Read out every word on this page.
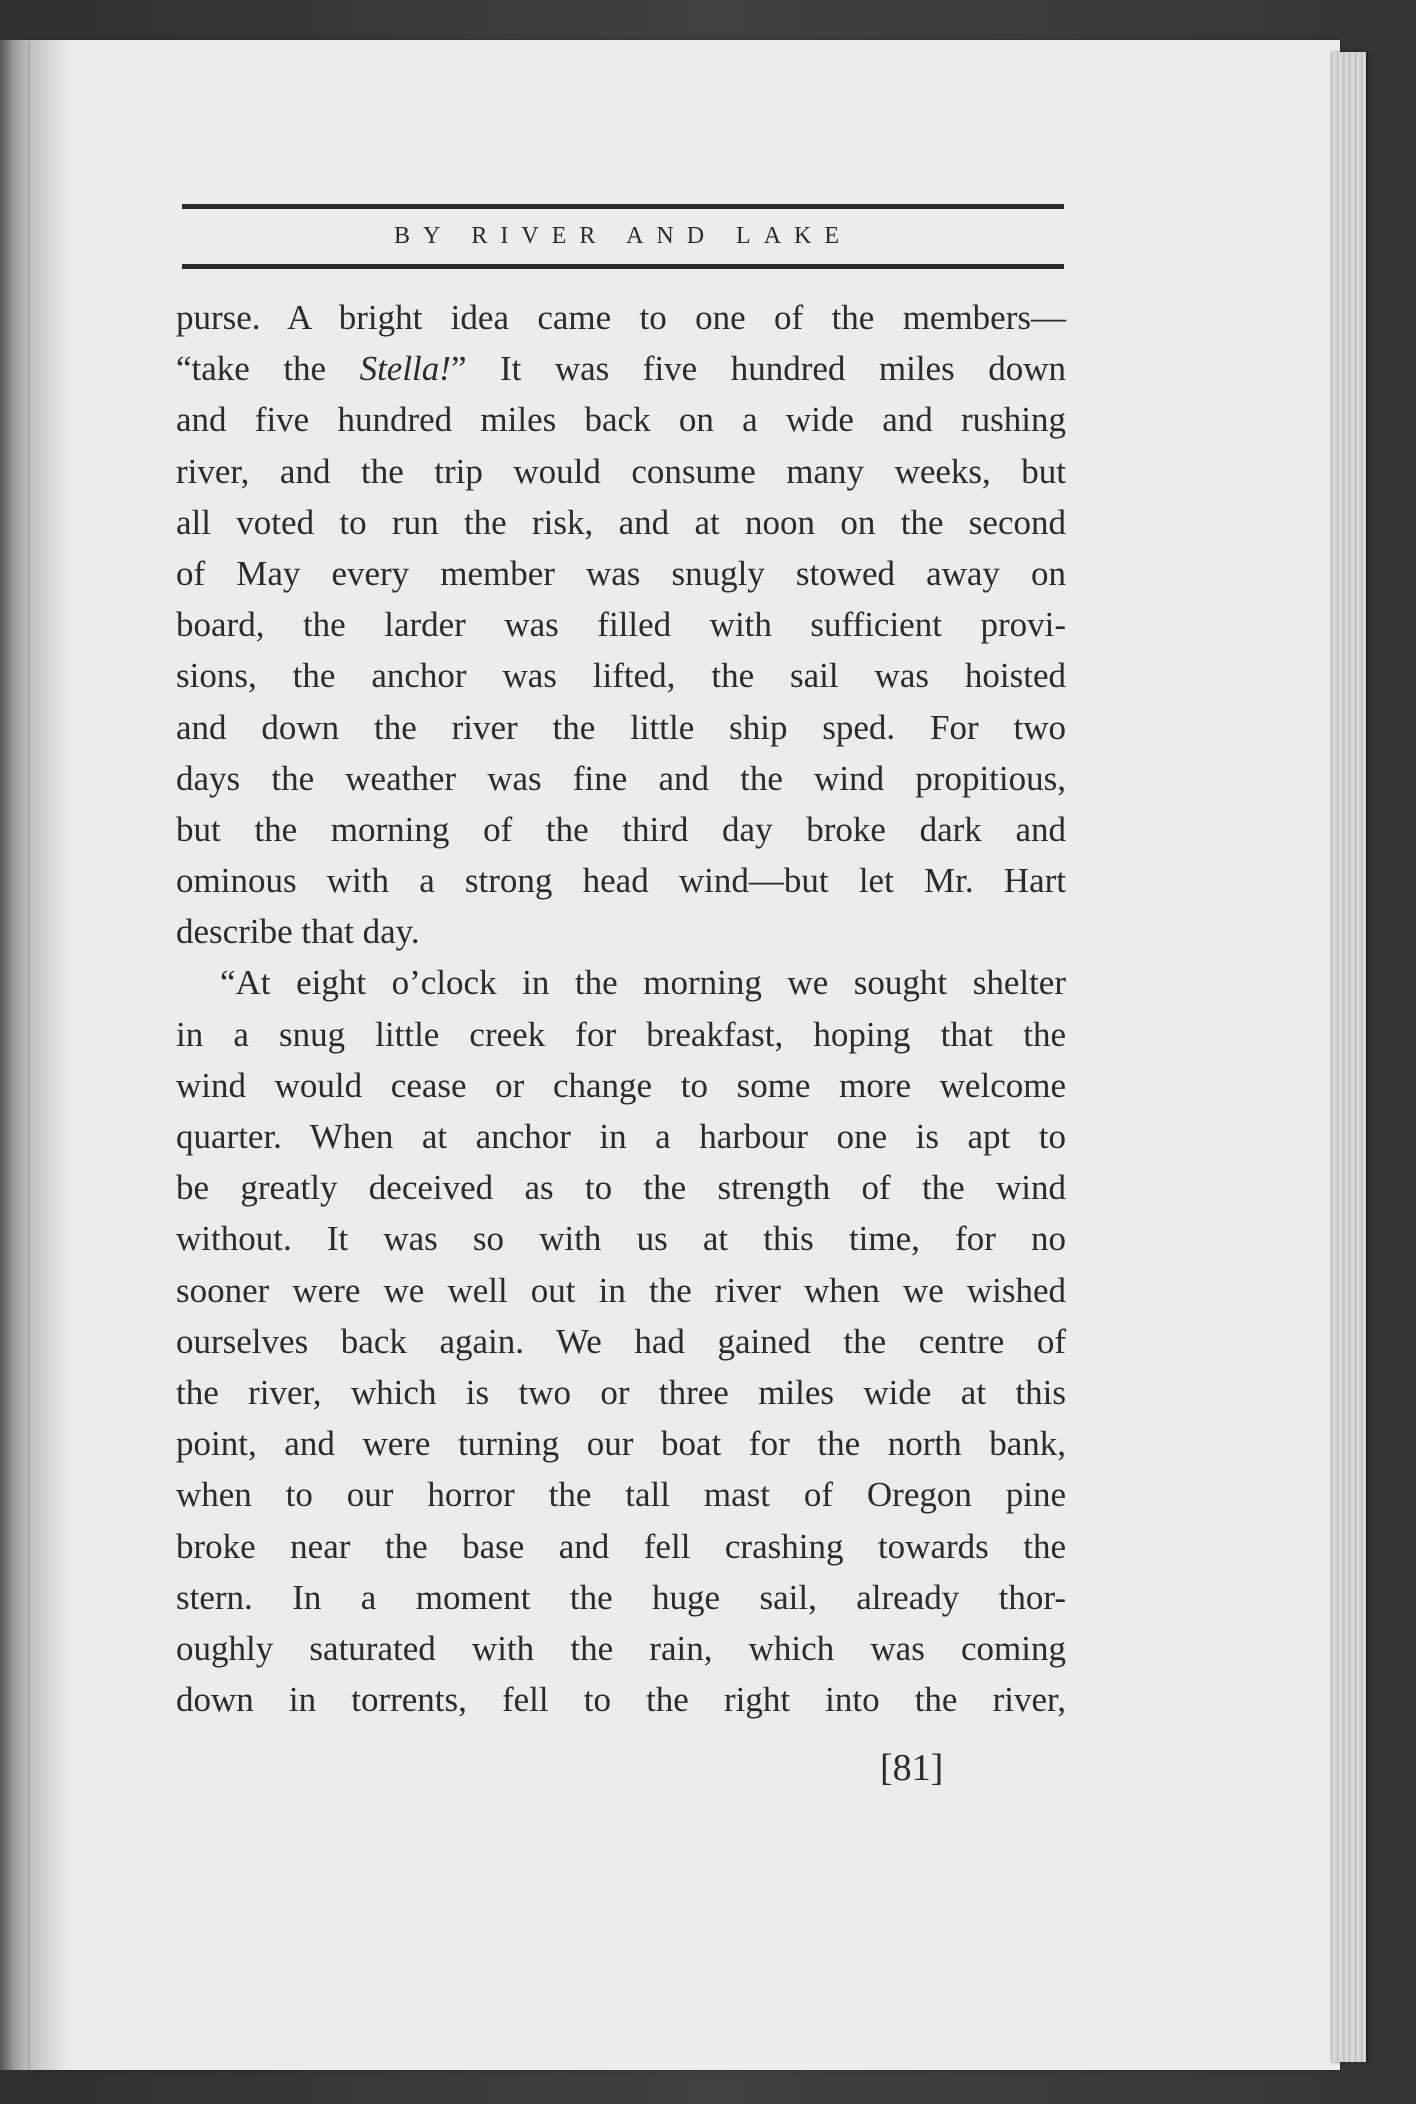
BY RIVER AND LAKE
purse. A bright idea came to one of the members—
“take the Stella!” It was five hundred miles down
and five hundred miles back on a wide and rushing
river, and the trip would consume many weeks, but
all voted to run the risk, and at noon on the second
of May every member was snugly stowed away on
board, the larder was filled with sufficient provi-
sions, the anchor was lifted, the sail was hoisted
and down the river the little ship sped. For two
days the weather was fine and the wind propitious,
but the morning of the third day broke dark and
ominous with a strong head wind—but let Mr. Hart
describe that day.
“At eight o’clock in the morning we sought shelter
in a snug little creek for breakfast, hoping that the
wind would cease or change to some more welcome
quarter. When at anchor in a harbour one is apt to
be greatly deceived as to the strength of the wind
without. It was so with us at this time, for no
sooner were we well out in the river when we wished
ourselves back again. We had gained the centre of
the river, which is two or three miles wide at this
point, and were turning our boat for the north bank,
when to our horror the tall mast of Oregon pine
broke near the base and fell crashing towards the
stern. In a moment the huge sail, already thor-
oughly saturated with the rain, which was coming
down in torrents, fell to the right into the river,
[81]
